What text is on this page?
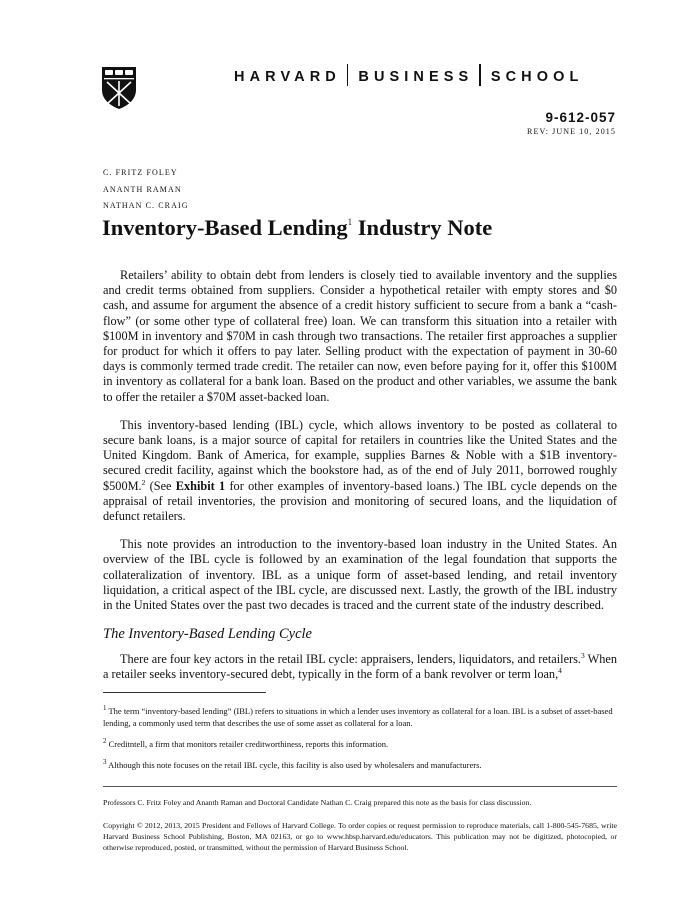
HARVARD BUSINESS SCHOOL
9-612-057
REV: JUNE 10, 2015
C. FRITZ FOLEY
ANANTH RAMAN
NATHAN C. CRAIG
Inventory-Based Lending$^1$ Industry Note

Retailers’ ability to obtain debt from lenders is closely tied to available inventory and the supplies and credit terms obtained from suppliers. Consider a hypothetical retailer with empty stores and $0 cash, and assume for argument the absence of a credit history sufficient to secure from a bank a “cash-flow” (or some other type of collateral free) loan. We can transform this situation into a retailer with $100M in inventory and $70M in cash through two transactions. The retailer first approaches a supplier for product for which it offers to pay later. Selling product with the expectation of payment in 30-60 days is commonly termed trade credit. The retailer can now, even before paying for it, offer this $100M in inventory as collateral for a bank loan. Based on the product and other variables, we assume the bank to offer the retailer a $70M asset-backed loan.

This inventory-based lending (IBL) cycle, which allows inventory to be posted as collateral to secure bank loans, is a major source of capital for retailers in countries like the United States and the United Kingdom. Bank of America, for example, supplies Barnes & Noble with a $1B inventory-secured credit facility, against which the bookstore had, as of the end of July 2011, borrowed roughly $500M.$^2$ (See Exhibit 1 for other examples of inventory-based loans.) The IBL cycle depends on the appraisal of retail inventories, the provision and monitoring of secured loans, and the liquidation of defunct retailers.

This note provides an introduction to the inventory-based loan industry in the United States. An overview of the IBL cycle is followed by an examination of the legal foundation that supports the collateralization of inventory. IBL as a unique form of asset-based lending, and retail inventory liquidation, a critical aspect of the IBL cycle, are discussed next. Lastly, the growth of the IBL industry in the United States over the past two decades is traced and the current state of the industry described.

The Inventory-Based Lending Cycle

There are four key actors in the retail IBL cycle: appraisers, lenders, liquidators, and retailers.$^3$ When a retailer seeks inventory-secured debt, typically in the form of a bank revolver or term loan,$^4$

$^1$ The term “inventory-based lending” (IBL) refers to situations in which a lender uses inventory as collateral for a loan. IBL is a subset of asset-based lending, a commonly used term that describes the use of some asset as collateral for a loan.

$^2$ Creditntell, a firm that monitors retailer creditworthiness, reports this information.

$^3$ Although this note focuses on the retail IBL cycle, this facility is also used by wholesalers and manufacturers.

Professors C. Fritz Foley and Ananth Raman and Doctoral Candidate Nathan C. Craig prepared this note as the basis for class discussion.
Copyright © 2012, 2013, 2015 President and Fellows of Harvard College. To order copies or request permission to reproduce materials, call 1-800-545-7685, write Harvard Business School Publishing, Boston, MA 02163, or go to www.hbsp.harvard.edu/educators. This publication may not be digitized, photocopied, or otherwise reproduced, posted, or transmitted, without the permission of Harvard Business School.
